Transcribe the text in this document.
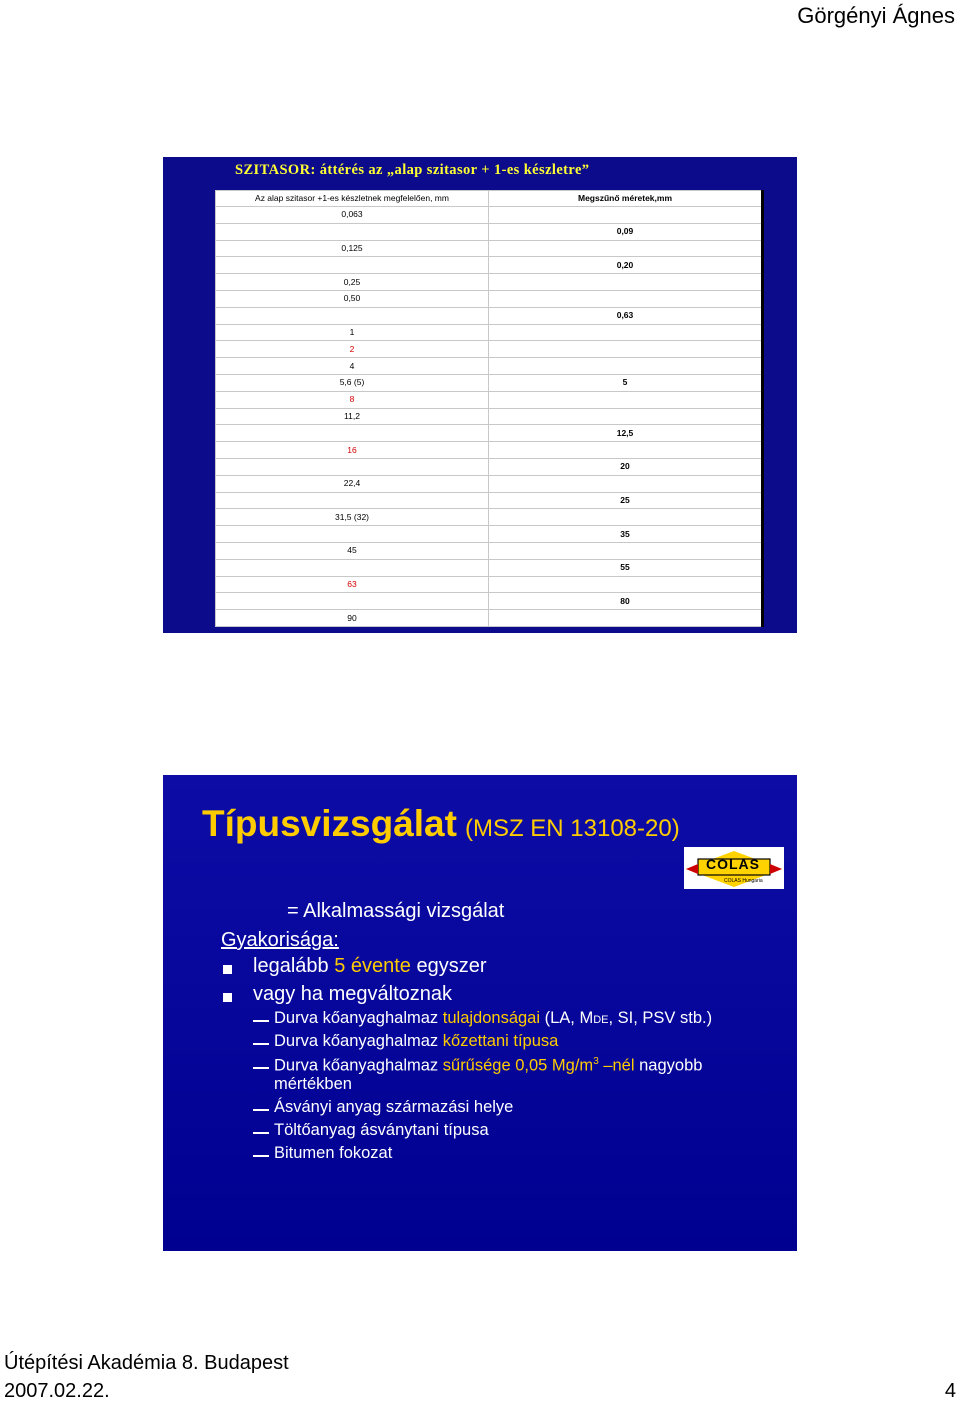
Görgényi Ágnes
SZITASOR: áttérés az „alap szitasor + 1-es készletre”
Az alap szitasor +1-es készletnek megfelelően, mm	Megszűnő méretek,mm
0,063	
	0,09
0,125	
	0,20
0,25	
0,50	
	0,63
1	
2	
4	
5,6 (5)	5
8	
11,2	
	12,5
16	
	20
22,4	
	25
31,5 (32)	
	35
45	
	55
63	
	80
90	
Típusvizsgálat (MSZ EN 13108-20)
COLAS
COLAS Hungaria
= Alkalmassági vizsgálat
Gyakorisága:
legalább 5 évente egyszer
vagy ha megváltoznak
Durva kőanyaghalmaz tulajdonságai (LA, MDE, SI, PSV stb.)
Durva kőanyaghalmaz kőzettani típusa
Durva kőanyaghalmaz sűrűsége 0,05 $Mg/m^3$ –nél nagyobb
mértékben
Ásványi anyag származási helye
Töltőanyag ásványtani típusa
Bitumen fokozat
Útépítési Akadémia 8. Budapest
2007.02.22.	4
